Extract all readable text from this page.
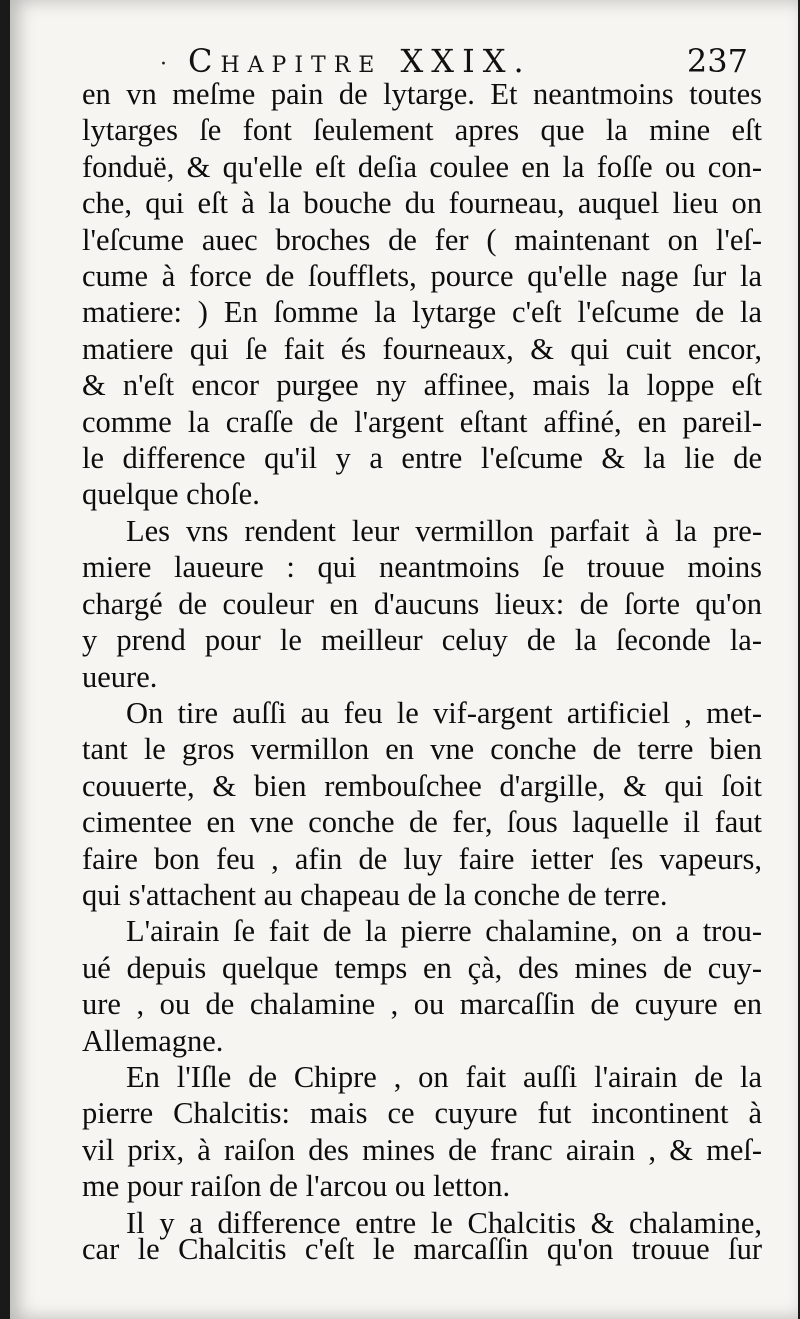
· Chapitre XXIX.	237
en vn meſme pain de lytarge. Et neantmoins toutes
lytarges ſe font ſeulement apres que la mine eſt
fonduë, & qu'elle eſt deſia coulee en la foſſe ou con-
che, qui eſt à la bouche du fourneau, auquel lieu on
l'eſcume auec broches de fer ( maintenant on l'eſ-
cume à force de ſoufflets, pource qu'elle nage ſur la
matiere: ) En ſomme la lytarge c'eſt l'eſcume de la
matiere qui ſe fait és fourneaux, & qui cuit encor,
& n'eſt encor purgee ny affinee, mais la loppe eſt
comme la craſſe de l'argent eſtant affiné, en pareil-
le difference qu'il y a entre l'eſcume & la lie de
quelque choſe.
Les vns rendent leur vermillon parfait à la pre-
miere laueure : qui neantmoins ſe trouue moins
chargé de couleur en d'aucuns lieux: de ſorte qu'on
y prend pour le meilleur celuy de la ſeconde la-
ueure.
On tire auſſi au feu le vif-argent artificiel , met-
tant le gros vermillon en vne conche de terre bien
couuerte, & bien rembouſchee d'argille, & qui ſoit
cimentee en vne conche de fer, ſous laquelle il faut
faire bon feu , afin de luy faire ietter ſes vapeurs,
qui s'attachent au chapeau de la conche de terre.
L'airain ſe fait de la pierre chalamine, on a trou-
ué depuis quelque temps en çà, des mines de cuy-
ure , ou de chalamine , ou marcaſſin de cuyure en
Allemagne.
En l'Iſle de Chipre , on fait auſſi l'airain de la
pierre Chalcitis: mais ce cuyure fut incontinent à
vil prix, à raiſon des mines de franc airain , & meſ-
me pour raiſon de l'arcou ou letton.
Il y a difference entre le Chalcitis & chalamine,
car le Chalcitis c'eſt le marcaſſin qu'on trouue ſur
